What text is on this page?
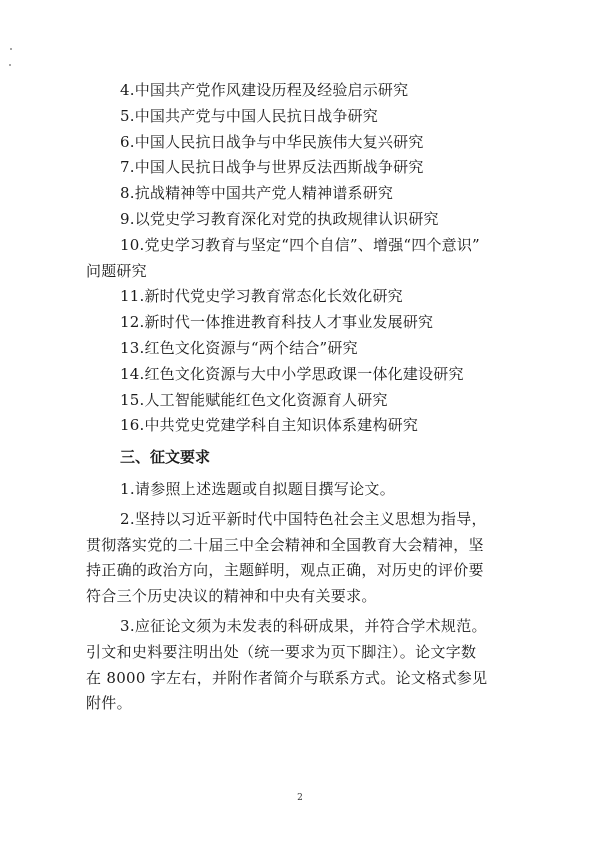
4.中国共产党作风建设历程及经验启示研究
5.中国共产党与中国人民抗日战争研究
6.中国人民抗日战争与中华民族伟大复兴研究
7.中国人民抗日战争与世界反法西斯战争研究
8.抗战精神等中国共产党人精神谱系研究
9.以党史学习教育深化对党的执政规律认识研究
10.党史学习教育与坚定“四个自信”、增强“四个意识”
问题研究
11.新时代党史学习教育常态化长效化研究
12.新时代一体推进教育科技人才事业发展研究
13.红色文化资源与“两个结合”研究
14.红色文化资源与大中小学思政课一体化建设研究
15.人工智能赋能红色文化资源育人研究
16.中共党史党建学科自主知识体系建构研究
三、征文要求
1.请参照上述选题或自拟题目撰写论文。
2.坚持以习近平新时代中国特色社会主义思想为指导，
贯彻落实党的二十届三中全会精神和全国教育大会精神，坚
持正确的政治方向，主题鲜明，观点正确，对历史的评价要
符合三个历史决议的精神和中央有关要求。
3.应征论文须为未发表的科研成果，并符合学术规范。
引文和史料要注明出处（统一要求为页下脚注）。论文字数
在 8000 字左右，并附作者简介与联系方式。论文格式参见
附件。
2
